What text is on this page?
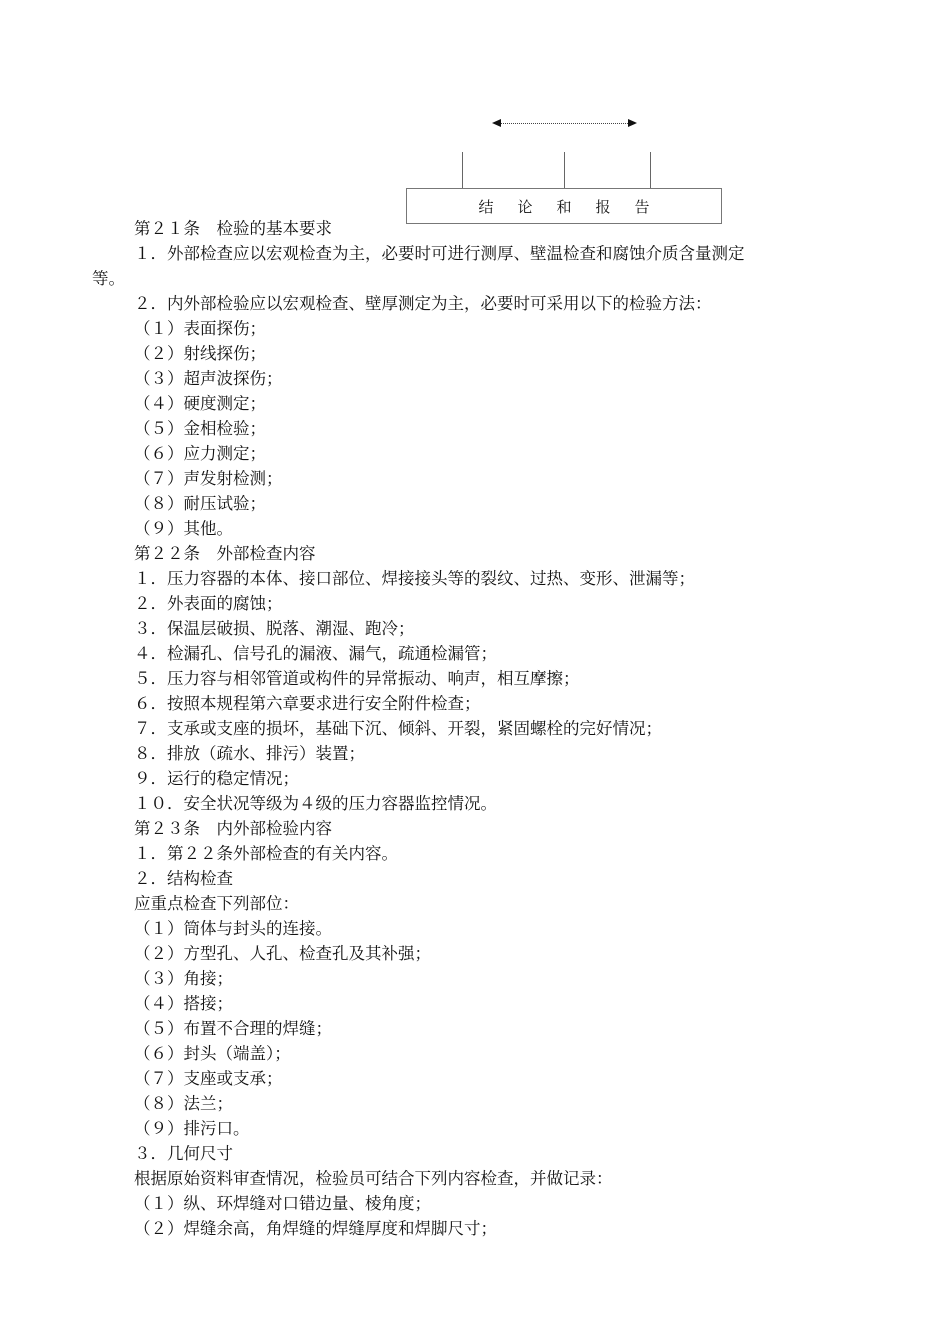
结论和报告
第２１条　检验的基本要求
１．外部检查应以宏观检查为主，必要时可进行测厚、壁温检查和腐蚀介质含量测定
等。
２．内外部检验应以宏观检查、壁厚测定为主，必要时可采用以下的检验方法：
（１）表面探伤；
（２）射线探伤；
（３）超声波探伤；
（４）硬度测定；
（５）金相检验；
（６）应力测定；
（７）声发射检测；
（８）耐压试验；
（９）其他。
第２２条　外部检查内容
１．压力容器的本体、接口部位、焊接接头等的裂纹、过热、变形、泄漏等；
２．外表面的腐蚀；
３．保温层破损、脱落、潮湿、跑冷；
４．检漏孔、信号孔的漏液、漏气，疏通检漏管；
５．压力容与相邻管道或构件的异常振动、响声，相互摩擦；
６．按照本规程第六章要求进行安全附件检查；
７．支承或支座的损坏，基础下沉、倾斜、开裂，紧固螺栓的完好情况；
８．排放（疏水、排污）装置；
９．运行的稳定情况；
１０．安全状况等级为４级的压力容器监控情况。
第２３条　内外部检验内容
１．第２２条外部检查的有关内容。
２．结构检查
应重点检查下列部位：
（１）筒体与封头的连接。
（２）方型孔、人孔、检查孔及其补强；
（３）角接；
（４）搭接；
（５）布置不合理的焊缝；
（６）封头（端盖）；
（７）支座或支承；
（８）法兰；
（９）排污口。
３．几何尺寸
根据原始资料审查情况，检验员可结合下列内容检查，并做记录：
（１）纵、环焊缝对口错边量、棱角度；
（２）焊缝余高，角焊缝的焊缝厚度和焊脚尺寸；
